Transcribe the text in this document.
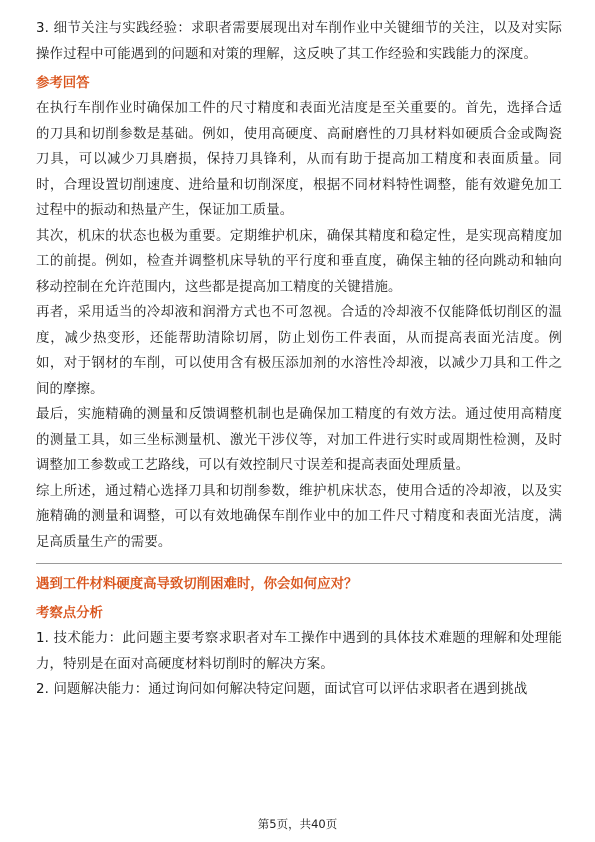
3. 细节关注与实践经验：求职者需要展现出对车削作业中关键细节的关注，以及对实际操作过程中可能遇到的问题和对策的理解，这反映了其工作经验和实践能力的深度。

参考回答

在执行车削作业时确保加工件的尺寸精度和表面光洁度是至关重要的。首先，选择合适的刀具和切削参数是基础。例如，使用高硬度、高耐磨性的刀具材料如硬质合金或陶瓷刀具，可以减少刀具磨损，保持刀具锋利，从而有助于提高加工精度和表面质量。同时，合理设置切削速度、进给量和切削深度，根据不同材料特性调整，能有效避免加工过程中的振动和热量产生，保证加工质量。

其次，机床的状态也极为重要。定期维护机床，确保其精度和稳定性，是实现高精度加工的前提。例如，检查并调整机床导轨的平行度和垂直度，确保主轴的径向跳动和轴向移动控制在允许范围内，这些都是提高加工精度的关键措施。

再者，采用适当的冷却液和润滑方式也不可忽视。合适的冷却液不仅能降低切削区的温度，减少热变形，还能帮助清除切屑，防止划伤工件表面，从而提高表面光洁度。例如，对于钢材的车削，可以使用含有极压添加剂的水溶性冷却液，以减少刀具和工件之间的摩擦。

最后，实施精确的测量和反馈调整机制也是确保加工精度的有效方法。通过使用高精度的测量工具，如三坐标测量机、激光干涉仪等，对加工件进行实时或周期性检测，及时调整加工参数或工艺路线，可以有效控制尺寸误差和提高表面处理质量。

综上所述，通过精心选择刀具和切削参数，维护机床状态，使用合适的冷却液，以及实施精确的测量和调整，可以有效地确保车削作业中的加工件尺寸精度和表面光洁度，满足高质量生产的需要。

遇到工件材料硬度高导致切削困难时，你会如何应对？
考察点分析

1. 技术能力：此问题主要考察求职者对车工操作中遇到的具体技术难题的理解和处理能力，特别是在面对高硬度材料切削时的解决方案。

2. 问题解决能力：通过询问如何解决特定问题，面试官可以评估求职者在遇到挑战

第5页，共40页
